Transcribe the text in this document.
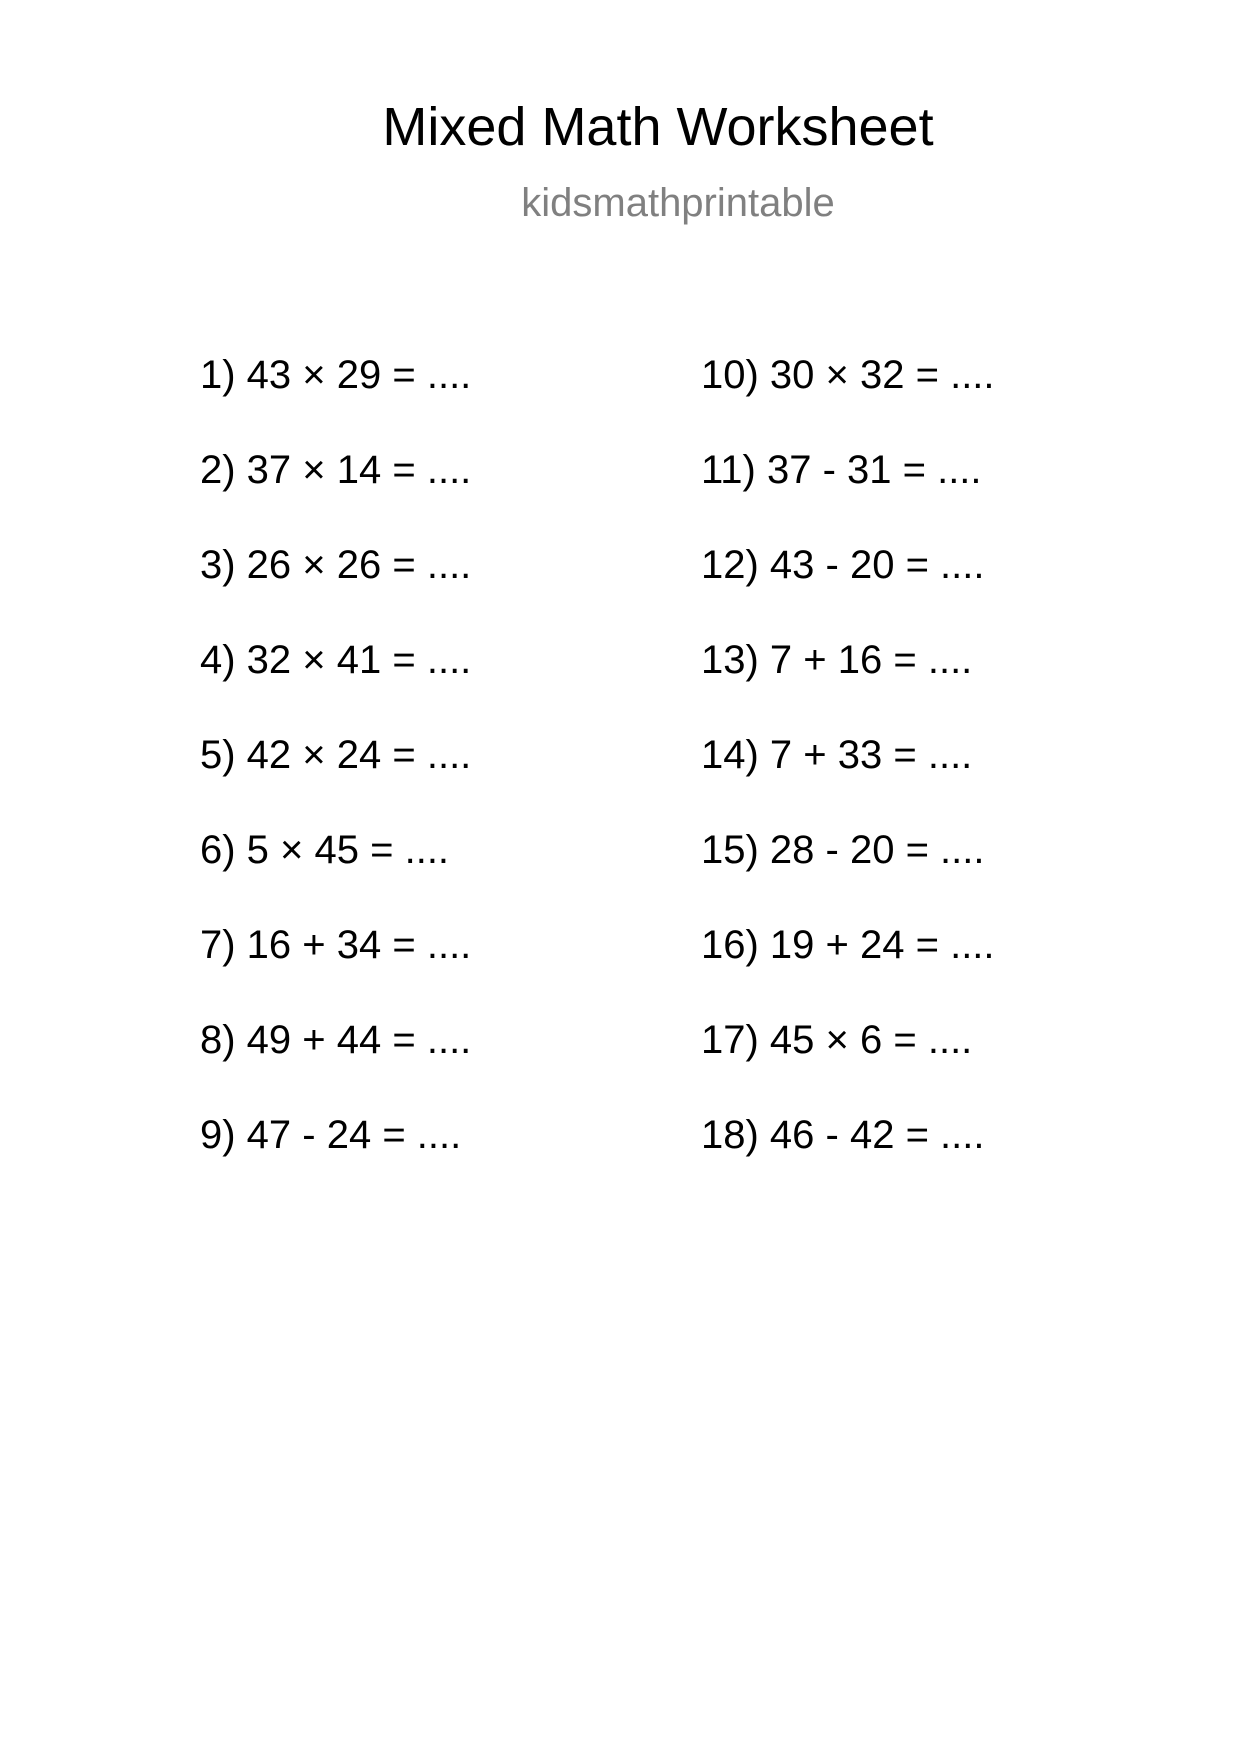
Mixed Math Worksheet
kidsmathprintable
1) 43 × 29 = ....
2) 37 × 14 = ....
3) 26 × 26 = ....
4) 32 × 41 = ....
5) 42 × 24 = ....
6) 5 × 45 = ....
7) 16 + 34 = ....
8) 49 + 44 = ....
9) 47 - 24 = ....
10) 30 × 32 = ....
11) 37 - 31 = ....
12) 43 - 20 = ....
13) 7 + 16 = ....
14) 7 + 33 = ....
15) 28 - 20 = ....
16) 19 + 24 = ....
17) 45 × 6 = ....
18) 46 - 42 = ....
